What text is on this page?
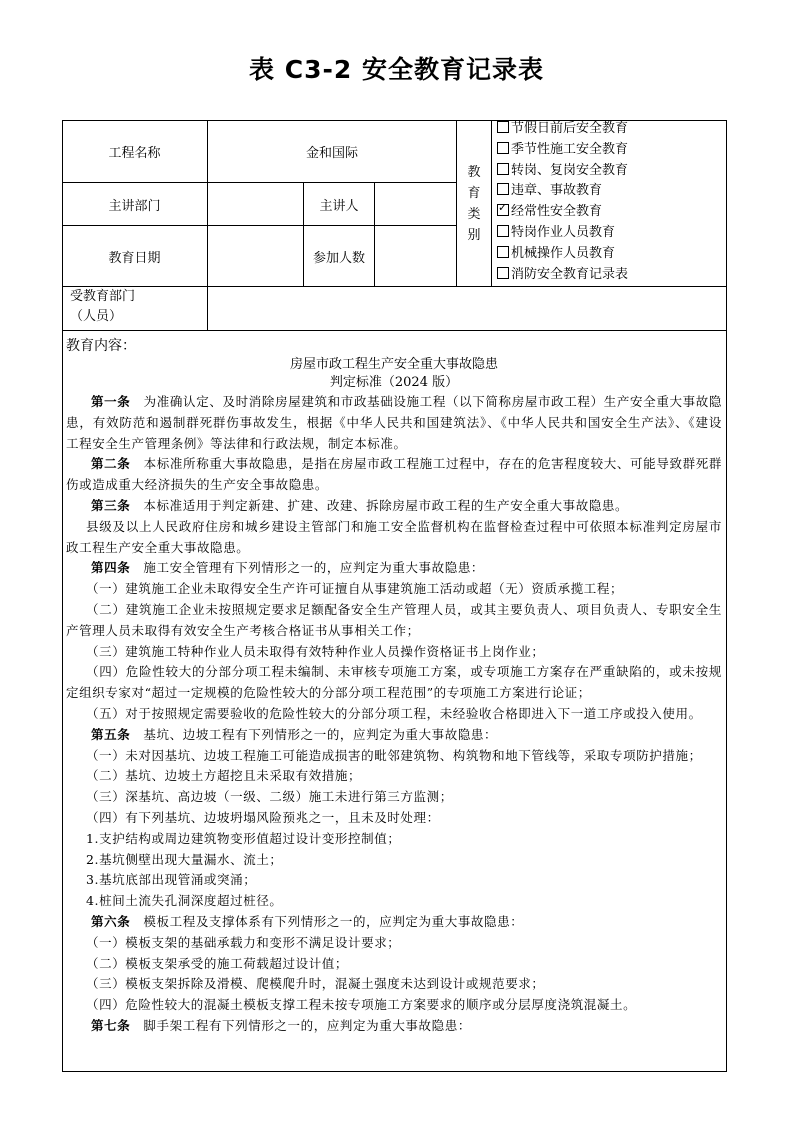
表 C3-2 安全教育记录表
工程名称	金和国际
主讲部门	主讲人
教育日期	参加人数
受教育部门
（人员）
教
育
类
别
节假日前后安全教育
季节性施工安全教育
转岗、复岗安全教育
违章、事故教育
✓经常性安全教育
特岗作业人员教育
机械操作人员教育
消防安全教育记录表
教育内容：
房屋市政工程生产安全重大事故隐患
判定标准（2024 版）
第一条　 为准确认定、及时消除房屋建筑和市政基础设施工程（以下简称房屋市政工程）生产安全重大事故隐患，有效防范和遏制群死群伤事故发生，根据《中华人民共和国建筑法》、《中华人民共和国安全生产法》、《建设工程安全生产管理条例》等法律和行政法规，制定本标准。
第二条　 本标准所称重大事故隐患，是指在房屋市政工程施工过程中，存在的危害程度较大、可能导致群死群伤或造成重大经济损失的生产安全事故隐患。
第三条　 本标准适用于判定新建、扩建、改建、拆除房屋市政工程的生产安全重大事故隐患。
县级及以上人民政府住房和城乡建设主管部门和施工安全监督机构在监督检查过程中可依照本标准判定房屋市政工程生产安全重大事故隐患。
第四条　 施工安全管理有下列情形之一的，应判定为重大事故隐患：
（一）建筑施工企业未取得安全生产许可证擅自从事建筑施工活动或超（无）资质承揽工程；
（二）建筑施工企业未按照规定要求足额配备安全生产管理人员，或其主要负责人、项目负责人、专职安全生产管理人员未取得有效安全生产考核合格证书从事相关工作；
（三）建筑施工特种作业人员未取得有效特种作业人员操作资格证书上岗作业；
（四）危险性较大的分部分项工程未编制、未审核专项施工方案，或专项施工方案存在严重缺陷的，或未按规定组织专家对“超过一定规模的危险性较大的分部分项工程范围”的专项施工方案进行论证；
（五）对于按照规定需要验收的危险性较大的分部分项工程，未经验收合格即进入下一道工序或投入使用。
第五条　 基坑、边坡工程有下列情形之一的，应判定为重大事故隐患：
（一）未对因基坑、边坡工程施工可能造成损害的毗邻建筑物、构筑物和地下管线等，采取专项防护措施；
（二）基坑、边坡土方超挖且未采取有效措施；
（三）深基坑、高边坡（一级、二级）施工未进行第三方监测；
（四）有下列基坑、边坡坍塌风险预兆之一，且未及时处理：
1.支护结构或周边建筑物变形值超过设计变形控制值；
2.基坑侧壁出现大量漏水、流土；
3.基坑底部出现管涌或突涌；
4.桩间土流失孔洞深度超过桩径。
第六条　 模板工程及支撑体系有下列情形之一的，应判定为重大事故隐患：
（一）模板支架的基础承载力和变形不满足设计要求；
（二）模板支架承受的施工荷载超过设计值；
（三）模板支架拆除及滑模、爬模爬升时，混凝土强度未达到设计或规范要求；
（四）危险性较大的混凝土模板支撑工程未按专项施工方案要求的顺序或分层厚度浇筑混凝土。
第七条　 脚手架工程有下列情形之一的，应判定为重大事故隐患：
